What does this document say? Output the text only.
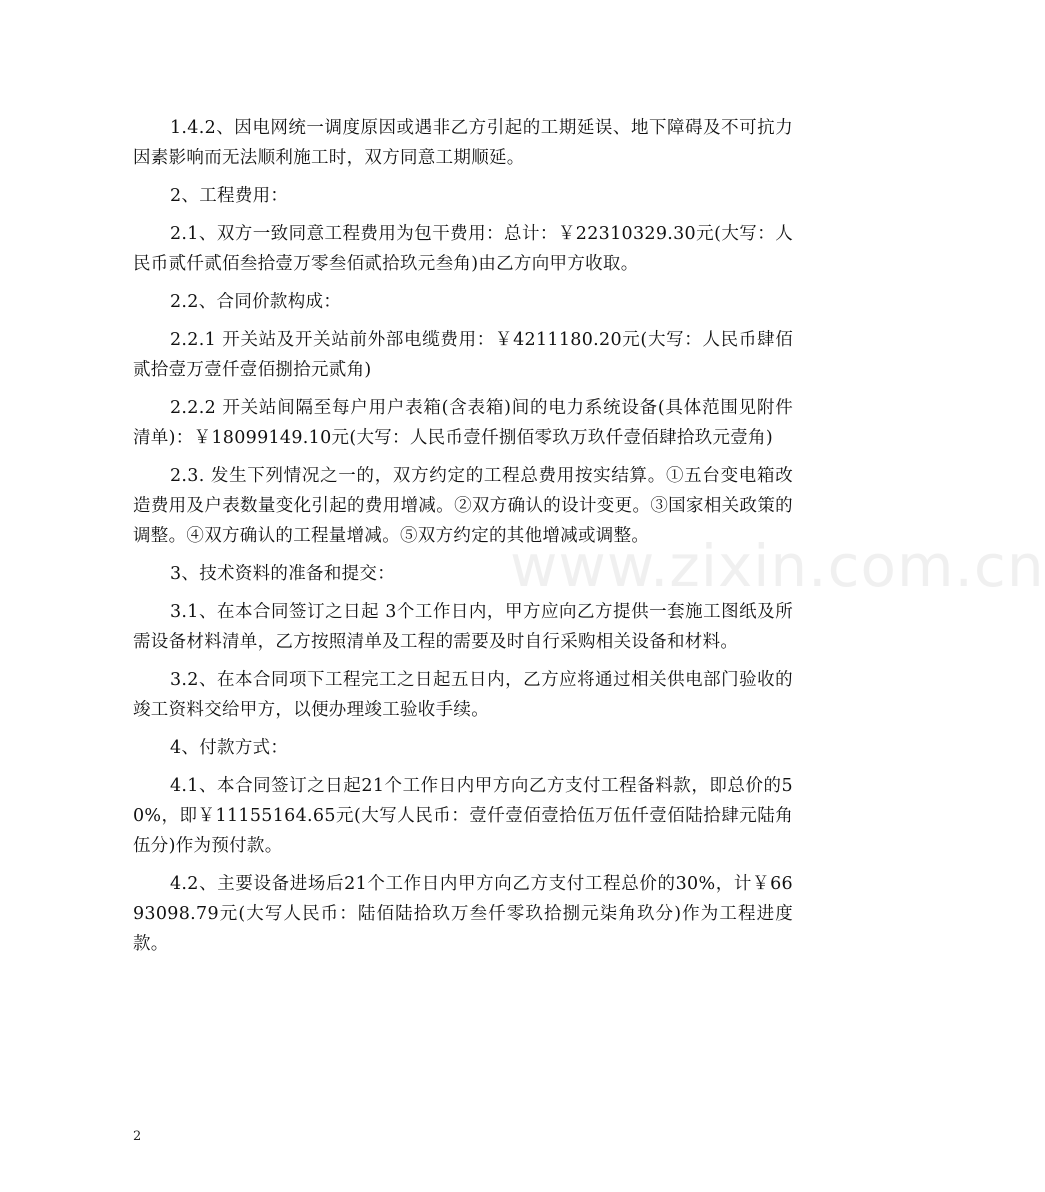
1.4.2、因电网统一调度原因或遇非乙方引起的工期延误、地下障碍及不可抗力因素影响而无法顺利施工时，双方同意工期顺延。

2、工程费用：

2.1、双方一致同意工程费用为包干费用：总计：￥22310329.30元(大写：人民币贰仟贰佰叁拾壹万零叁佰贰拾玖元叁角)由乙方向甲方收取。

2.2、合同价款构成：

2.2.1 开关站及开关站前外部电缆费用：￥4211180.20元(大写：人民币肆佰贰拾壹万壹仟壹佰捌拾元贰角)

2.2.2 开关站间隔至每户用户表箱(含表箱)间的电力系统设备(具体范围见附件清单)：￥18099149.10元(大写：人民币壹仟捌佰零玖万玖仟壹佰肆拾玖元壹角)

2.3. 发生下列情况之一的，双方约定的工程总费用按实结算。①五台变电箱改造费用及户表数量变化引起的费用增减。②双方确认的设计变更。③国家相关政策的调整。④双方确认的工程量增减。⑤双方约定的其他增减或调整。

3、技术资料的准备和提交：

3.1、在本合同签订之日起 3个工作日内，甲方应向乙方提供一套施工图纸及所需设备材料清单，乙方按照清单及工程的需要及时自行采购相关设备和材料。

3.2、在本合同项下工程完工之日起五日内，乙方应将通过相关供电部门验收的竣工资料交给甲方，以便办理竣工验收手续。

4、付款方式：

4.1、本合同签订之日起21个工作日内甲方向乙方支付工程备料款，即总价的50%，即￥11155164.65元(大写人民币：壹仟壹佰壹拾伍万伍仟壹佰陆拾肆元陆角伍分)作为预付款。

4.2、主要设备进场后21个工作日内甲方向乙方支付工程总价的30%，计￥6693098.79元(大写人民币：陆佰陆拾玖万叁仟零玖拾捌元柒角玖分)作为工程进度款。

www.zixin.com.cn
2
